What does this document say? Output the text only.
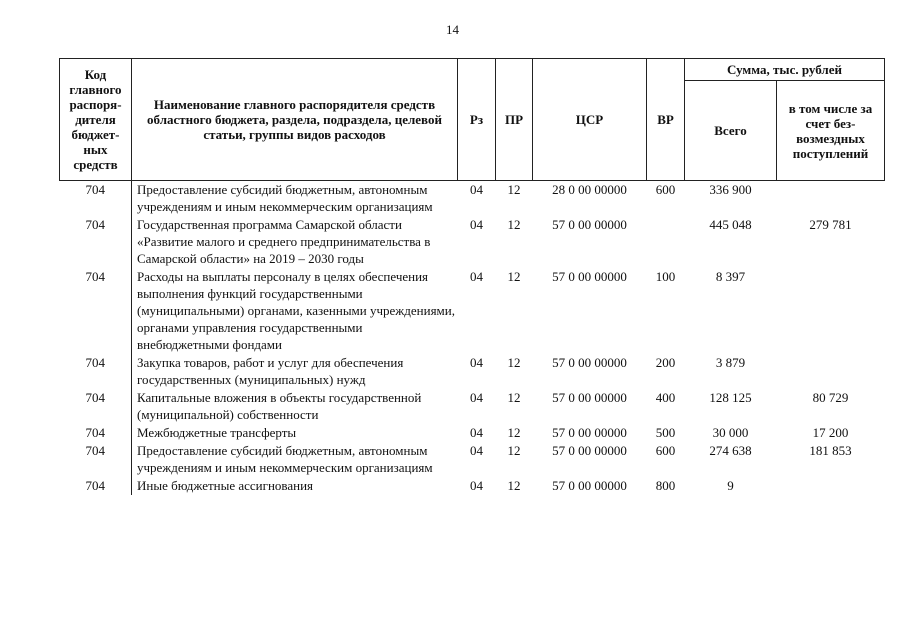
14
Код главного распоря-дителя бюджет-ных средств	Наименование главного распорядителя средств областного бюджета, раздела, подраздела, целевой статьи, группы видов расходов	Рз	ПР	ЦСР	ВР	Сумма, тыс. рублей	
						Всего	в том числе за счет без-возмездных поступлений
704	Предоставление субсидий бюджетным, автономным учреждениям и иным некоммерческим организациям	04	12	28 0 00 00000	600	336 900	
704	Государственная программа Самарской области «Развитие малого и среднего предпринимательства в Самарской области» на 2019 – 2030 годы	04	12	57 0 00 00000		445 048	279 781
704	Расходы на выплаты персоналу в целях обеспечения выполнения функций государственными (муниципальными) органами, казенными учреждениями, органами управления государственными внебюджетными фондами	04	12	57 0 00 00000	100	8 397	
704	Закупка товаров, работ и услуг для обеспечения государственных (муниципальных) нужд	04	12	57 0 00 00000	200	3 879	
704	Капитальные вложения в объекты государственной (муниципальной) собственности	04	12	57 0 00 00000	400	128 125	80 729
704	Межбюджетные трансферты	04	12	57 0 00 00000	500	30 000	17 200
704	Предоставление субсидий бюджетным, автономным учреждениям и иным некоммерческим организациям	04	12	57 0 00 00000	600	274 638	181 853
704	Иные бюджетные ассигнования	04	12	57 0 00 00000	800	9	
